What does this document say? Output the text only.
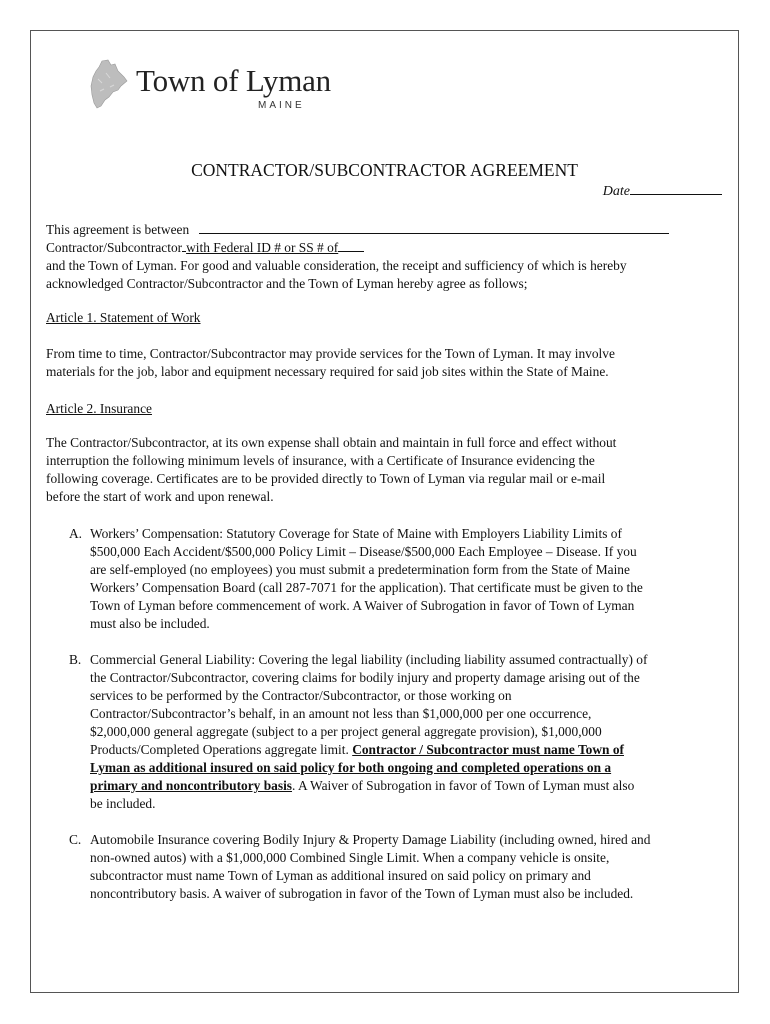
Town of Lyman
MAINE
CONTRACTOR/SUBCONTRACTOR AGREEMENT
Date
This agreement is between
Contractor/Subcontractor with Federal ID # or SS # of
and the Town of Lyman. For good and valuable consideration, the receipt and sufficiency of which is hereby
acknowledged Contractor/Subcontractor and the Town of Lyman hereby agree as follows;
Article 1. Statement of Work
From time to time, Contractor/Subcontractor may provide services for the Town of Lyman. It may involve
materials for the job, labor and equipment necessary required for said job sites within the State of Maine.
Article 2. Insurance
The Contractor/Subcontractor, at its own expense shall obtain and maintain in full force and effect without
interruption the following minimum levels of insurance, with a Certificate of Insurance evidencing the
following coverage. Certificates are to be provided directly to Town of Lyman via regular mail or e-mail
before the start of work and upon renewal.
A. Workers’ Compensation: Statutory Coverage for State of Maine with Employers Liability Limits of
$500,000 Each Accident/$500,000 Policy Limit – Disease/$500,000 Each Employee – Disease. If you
are self-employed (no employees) you must submit a predetermination form from the State of Maine
Workers’ Compensation Board (call 287-7071 for the application). That certificate must be given to the
Town of Lyman before commencement of work. A Waiver of Subrogation in favor of Town of Lyman
must also be included.
B. Commercial General Liability: Covering the legal liability (including liability assumed contractually) of
the Contractor/Subcontractor, covering claims for bodily injury and property damage arising out of the
services to be performed by the Contractor/Subcontractor, or those working on
Contractor/Subcontractor’s behalf, in an amount not less than $1,000,000 per one occurrence,
$2,000,000 general aggregate (subject to a per project general aggregate provision), $1,000,000
Products/Completed Operations aggregate limit. Contractor / Subcontractor must name Town of
Lyman as additional insured on said policy for both ongoing and completed operations on a
primary and noncontributory basis. A Waiver of Subrogation in favor of Town of Lyman must also
be included.
C. Automobile Insurance covering Bodily Injury & Property Damage Liability (including owned, hired and
non-owned autos) with a $1,000,000 Combined Single Limit. When a company vehicle is onsite,
subcontractor must name Town of Lyman as additional insured on said policy on primary and
noncontributory basis. A waiver of subrogation in favor of the Town of Lyman must also be included.
